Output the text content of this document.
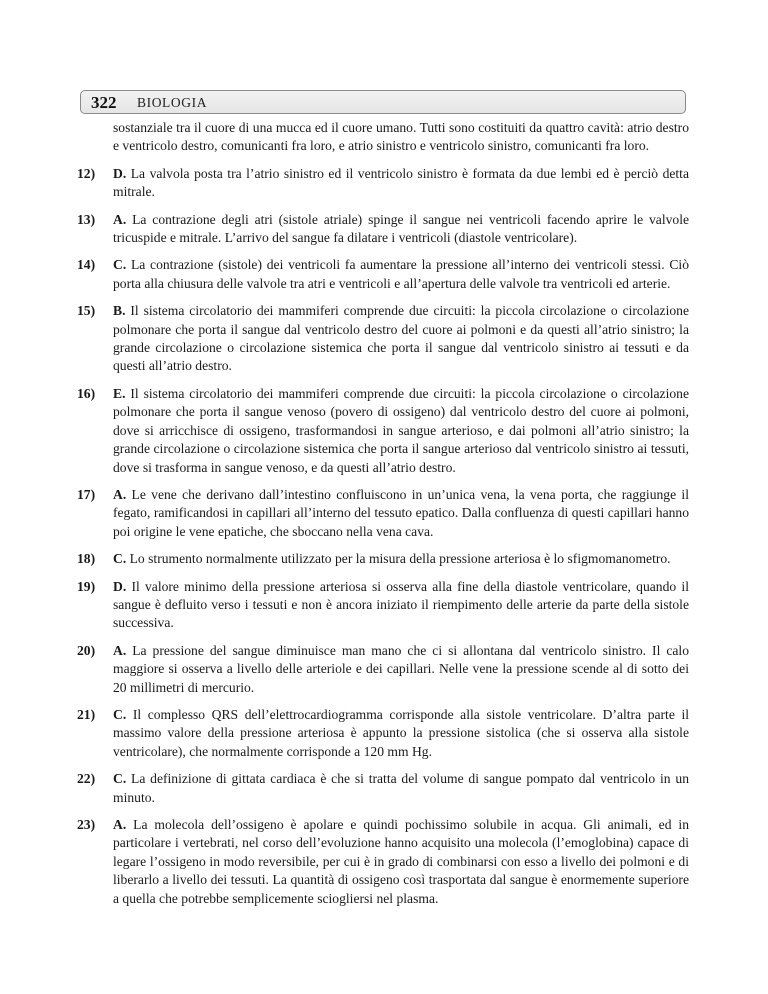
322 BIOLOGIA

sostanziale tra il cuore di una mucca ed il cuore umano. Tutti sono costituiti da quattro cavità: atrio destro e ventricolo destro, comunicanti fra loro, e atrio sinistro e ventricolo sinistro, comunicanti fra loro.

12) D. La valvola posta tra l’atrio sinistro ed il ventricolo sinistro è formata da due lembi ed è perciò detta mitrale.

13) A. La contrazione degli atri (sistole atriale) spinge il sangue nei ventricoli facendo aprire le valvole tricuspide e mitrale. L’arrivo del sangue fa dilatare i ventricoli (diastole ventricolare).

14) C. La contrazione (sistole) dei ventricoli fa aumentare la pressione all’interno dei ventricoli stessi. Ciò porta alla chiusura delle valvole tra atri e ventricoli e all’apertura delle valvole tra ventricoli ed arterie.

15) B. Il sistema circolatorio dei mammiferi comprende due circuiti: la piccola circolazione o circolazione polmonare che porta il sangue dal ventricolo destro del cuore ai polmoni e da questi all’atrio sinistro; la grande circolazione o circolazione sistemica che porta il sangue dal ventricolo sinistro ai tessuti e da questi all’atrio destro.

16) E. Il sistema circolatorio dei mammiferi comprende due circuiti: la piccola circolazione o circolazione polmonare che porta il sangue venoso (povero di ossigeno) dal ventricolo destro del cuore ai polmoni, dove si arricchisce di ossigeno, trasformandosi in sangue arterioso, e dai polmoni all’atrio sinistro; la grande circolazione o circolazione sistemica che porta il sangue arterioso dal ventricolo sinistro ai tessuti, dove si trasforma in sangue venoso, e da questi all’atrio destro.

17) A. Le vene che derivano dall’intestino confluiscono in un’unica vena, la vena porta, che raggiunge il fegato, ramificandosi in capillari all’interno del tessuto epatico. Dalla confluenza di questi capillari hanno poi origine le vene epatiche, che sboccano nella vena cava.

18) C. Lo strumento normalmente utilizzato per la misura della pressione arteriosa è lo sfigmomanometro.

19) D. Il valore minimo della pressione arteriosa si osserva alla fine della diastole ventricolare, quando il sangue è defluito verso i tessuti e non è ancora iniziato il riempimento delle arterie da parte della sistole successiva.

20) A. La pressione del sangue diminuisce man mano che ci si allontana dal ventricolo sinistro. Il calo maggiore si osserva a livello delle arteriole e dei capillari. Nelle vene la pressione scende al di sotto dei 20 millimetri di mercurio.

21) C. Il complesso QRS dell’elettrocardiogramma corrisponde alla sistole ventricolare. D’altra parte il massimo valore della pressione arteriosa è appunto la pressione sistolica (che si osserva alla sistole ventricolare), che normalmente corrisponde a 120 mm Hg.

22) C. La definizione di gittata cardiaca è che si tratta del volume di sangue pompato dal ventricolo in un minuto.

23) A. La molecola dell’ossigeno è apolare e quindi pochissimo solubile in acqua. Gli animali, ed in particolare i vertebrati, nel corso dell’evoluzione hanno acquisito una molecola (l’emoglobina) capace di legare l’ossigeno in modo reversibile, per cui è in grado di combinarsi con esso a livello dei polmoni e di liberarlo a livello dei tessuti. La quantità di ossigeno così trasportata dal sangue è enormemente superiore a quella che potrebbe semplicemente sciogliersi nel plasma.
